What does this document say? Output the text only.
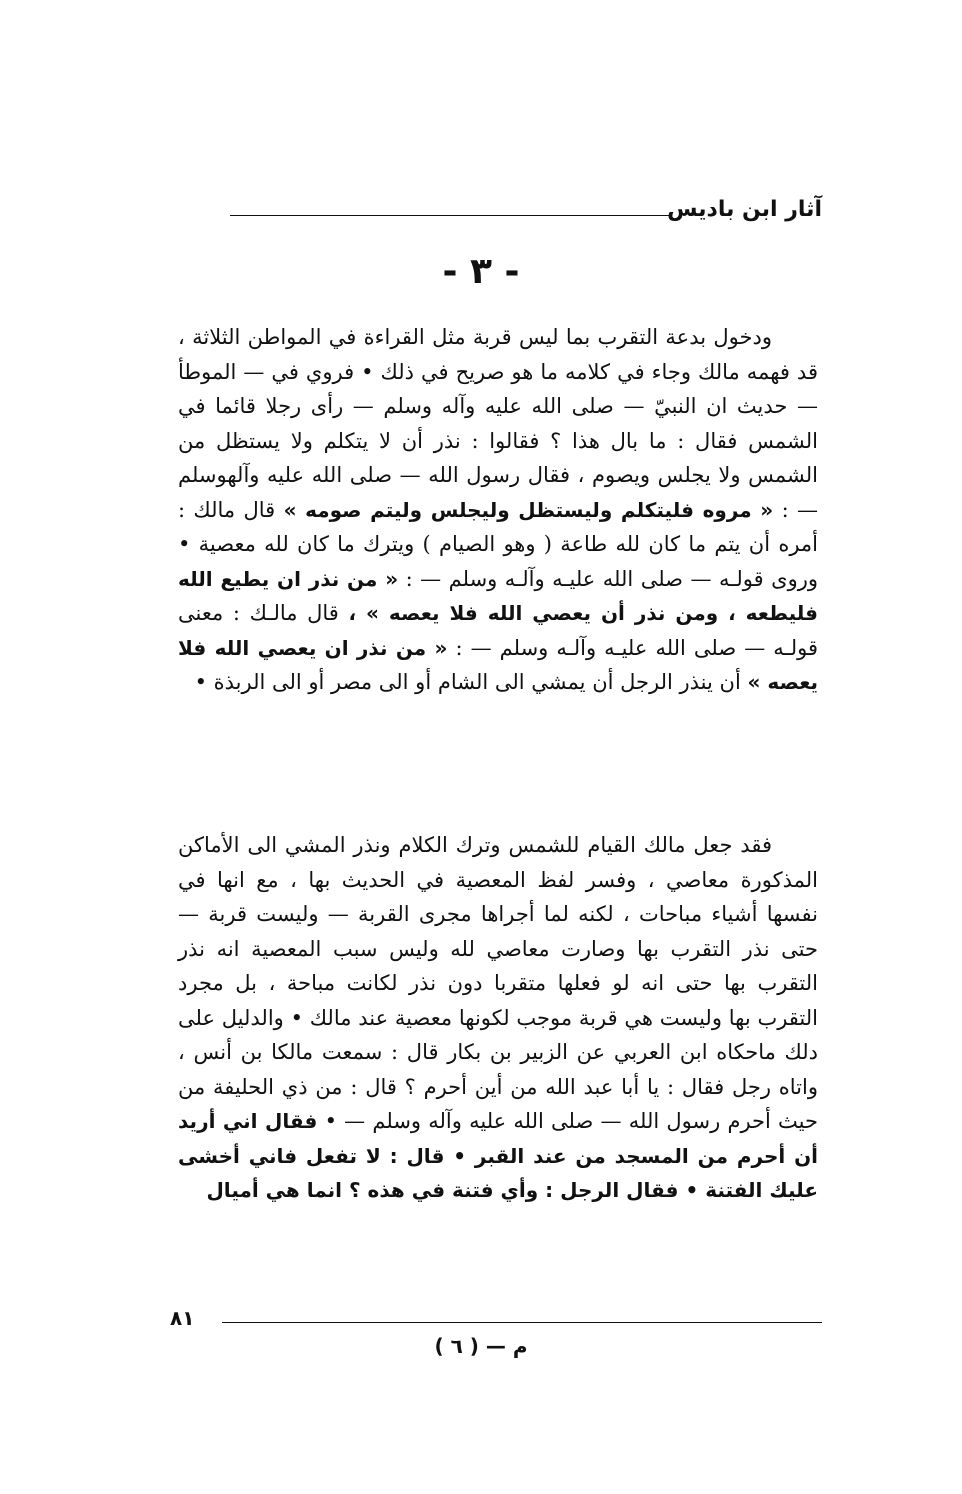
آثار ابن باديس
- ٣ -
ودخول بدعة التقرب بما ليس قربة مثل القراءة في المواطن الثلاثة ، قد فهمه مالك وجاء في كلامه ما هو صريح في ذلك • فروي في — الموطأ — حديث ان النبيّ — صلى الله عليه وآله وسلم — رأى رجلا قائما في الشمس فقال : ما بال هذا ؟ فقالوا : نذر أن لا يتكلم ولا يستظل من الشمس ولا يجلس ويصوم ، فقال رسول الله — صلى الله عليه وآلهوسلم — : « مروه فليتكلم وليستظل وليجلس وليتم صومه » قال مالك : أمره أن يتم ما كان لله طاعة ( وهو الصيام ) ويترك ما كان لله معصية • وروى قولـه — صلى الله عليـه وآلـه وسلم — : « من نذر ان يطيع الله فليطعه ، ومن نذر أن يعصي الله فلا يعصه » ، قال مالـك : معنى قولـه — صلى الله عليـه وآلـه وسلم — : « من نذر ان يعصي الله فلا يعصه » أن ينذر الرجل أن يمشي الى الشام أو الى مصر أو الى الربذة •
فقد جعل مالك القيام للشمس وترك الكلام ونذر المشي الى الأماكن المذكورة معاصي ، وفسر لفظ المعصية في الحديث بها ، مع انها في نفسها أشياء مباحات ، لكنه لما أجراها مجرى القربة — وليست قربة — حتى نذر التقرب بها وصارت معاصي لله وليس سبب المعصية انه نذر التقرب بها حتى انه لو فعلها متقربا دون نذر لكانت مباحة ، بل مجرد التقرب بها وليست هي قربة موجب لكونها معصية عند مالك • والدليل على دلك ماحكاه ابن العربي عن الزبير بن بكار قال : سمعت مالكا بن أنس ، واتاه رجل فقال : يا أبا عبد الله من أين أحرم ؟ قال : من ذي الحليفة من حيث أحرم رسول الله — صلى الله عليه وآله وسلم — • فقال اني أريد أن أحرم من المسجد من عند القبر • قال : لا تفعل فاني أخشى عليك الفتنة • فقال الرجل : وأي فتنة في هذه ؟ انما هي أميال
٨١
م — ( ٦ )
